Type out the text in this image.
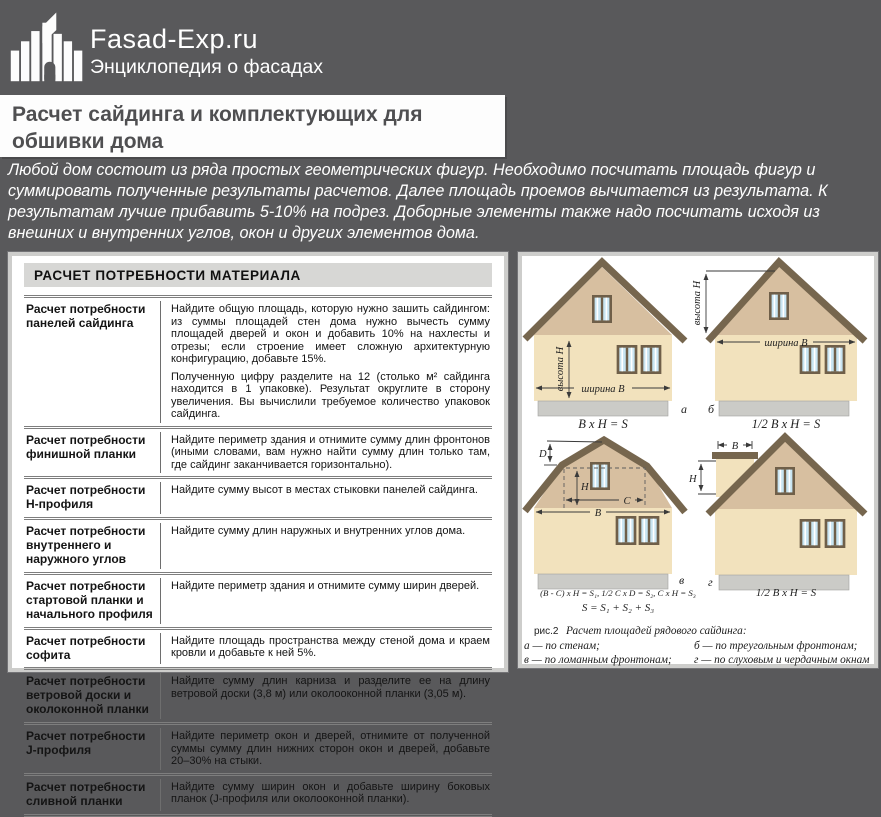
Fasad-Exp.ru
Энциклопедия о фасадах
Расчет сайдинга и комплектующих для обшивки дома

Любой дом состоит из ряда простых геометрических фигур. Необходимо посчитать площадь фигур и суммировать полученные результаты расчетов. Далее площадь проемов вычитается из результата. К результатам лучше прибавить 5-10% на подрез. Доборные элементы также надо посчитать исходя из внешних и внутренних углов, окон и других элементов дома.

РАСЧЕТ ПОТРЕБНОСТИ МАТЕРИАЛА
Расчет потребности панелей сайдинга

Найдите общую площадь, которую нужно зашить сайдингом: из суммы площадей стен дома нужно вычесть сумму площадей дверей и окон и добавить 10% на нахлесты и отрезы; если строение имеет сложную архитектурную конфигурацию, добавьте 15%.

Полученную цифру разделите на 12 (столько м² сайдинга находится в 1 упаковке). Результат округлите в сторону увеличения. Вы вычислили требуемое количество упаковок сайдинга.

Расчет потребности финишной планки

Найдите периметр здания и отнимите сумму длин фронтонов (иными словами, вам нужно найти сумму длин только там, где сайдинг заканчивается горизонтально).

Расчет потребности Н-профиля

Найдите сумму высот в местах стыковки панелей сайдинга.

Расчет потребности внутреннего и наружного углов

Найдите сумму длин наружных и внутренних углов дома.

Расчет потребности стартовой планки и начального профиля

Найдите периметр здания и отнимите сумму ширин дверей.

Расчет потребности софита

Найдите площадь пространства между стеной дома и краем кровли и добавьте к ней 5%.

Расчет потребности ветровой доски и околоконной планки

Найдите сумму длин карниза и разделите ее на длину ветровой доски (3,8 м) или околооконной планки (3,05 м).

Расчет потребности J-профиля

Найдите периметр окон и дверей, отнимите от полученной суммы сумму длин нижних сторон окон и дверей, добавьте 20–30% на стыки.

Расчет потребности сливной планки

Найдите сумму ширин окон и добавьте ширину боковых планок (J-профиля или околооконной планки).

высота H ширина B
а
B x H = S
высота H
ширина B
б
1/2 B x H = S
D
H
C
B
в
(B - C) x H = S₁, 1/2 C x D = S₂, C x H = S₃
S = S₁ + S₂ + S₃
B
H
г
1/2 B x H = S
рис.2 Расчет площадей рядового сайдинга:
а — по стенам;	б — по треугольным фронтонам;
в — по ломанным фронтонам; г — по слуховым и чердачным окнам
